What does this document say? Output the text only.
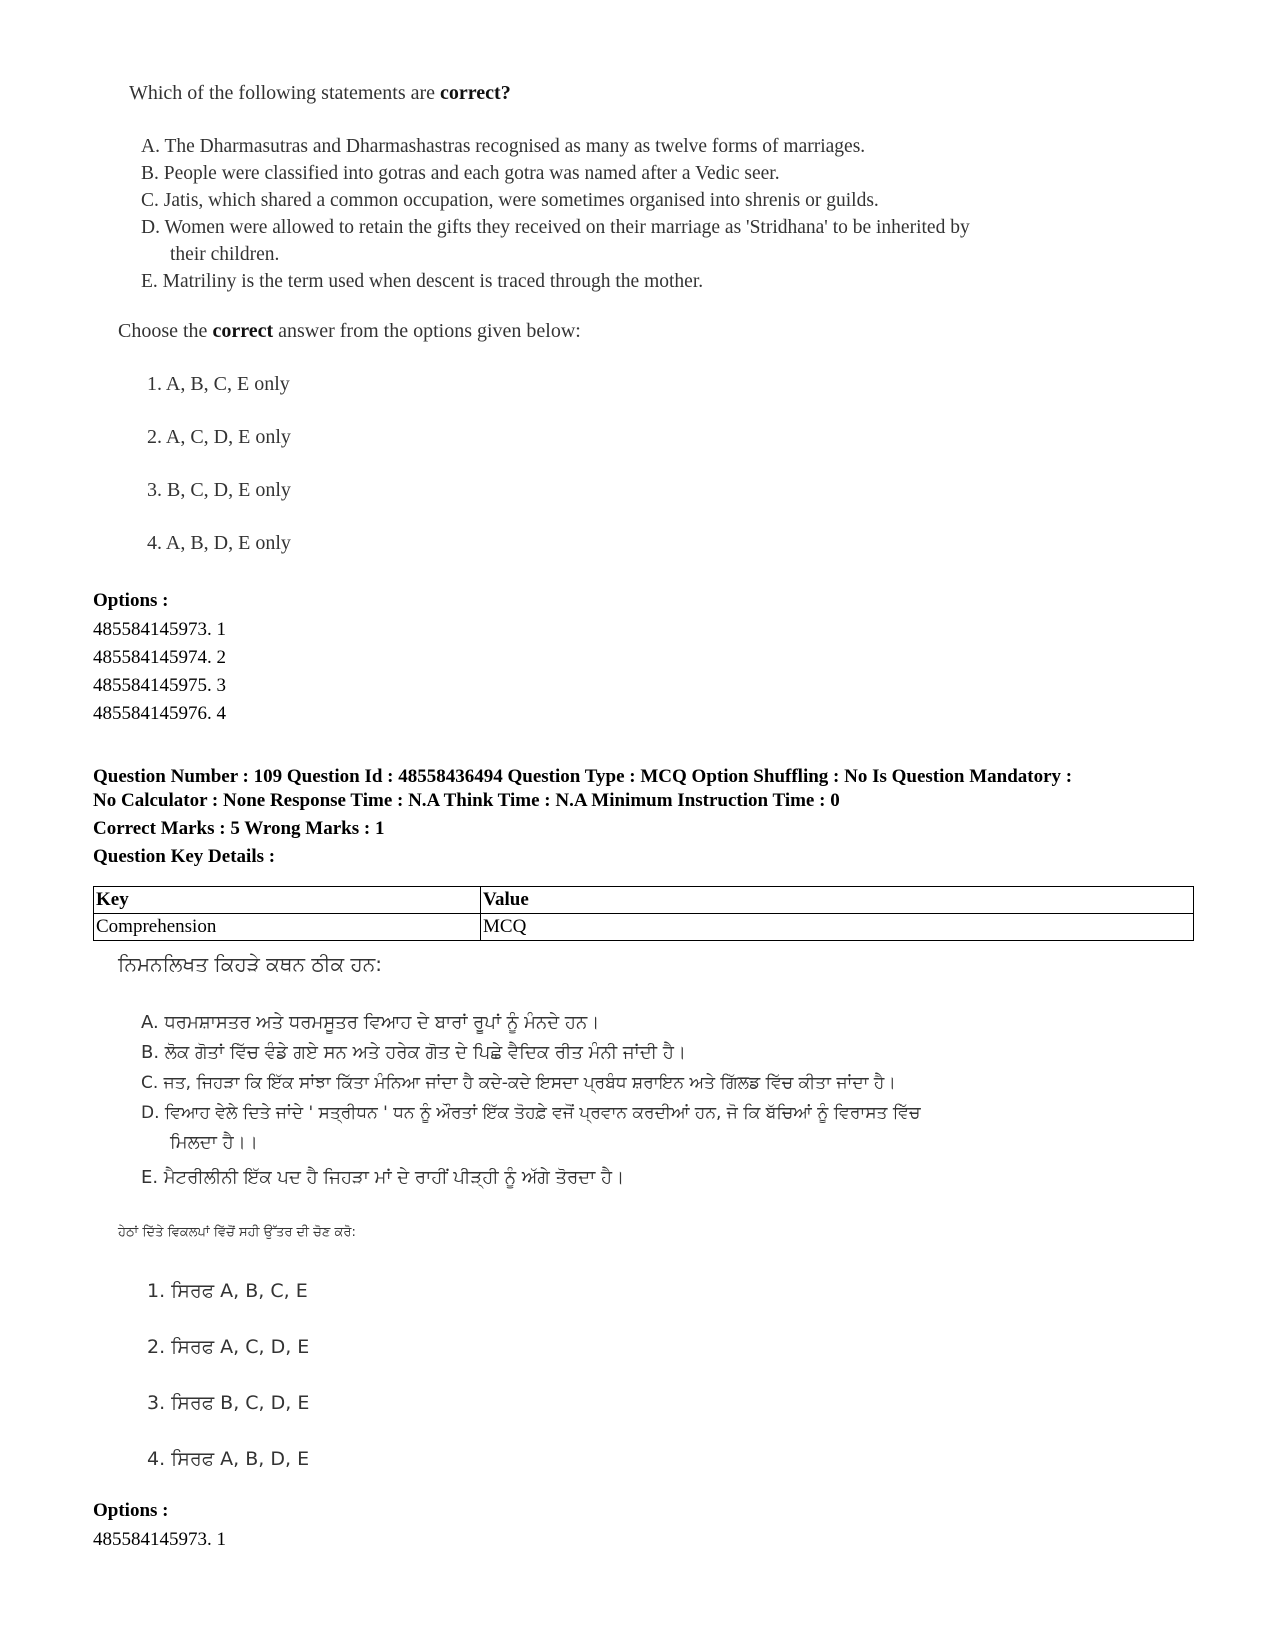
Which of the following statements are correct?
A. The Dharmasutras and Dharmashastras recognised as many as twelve forms of marriages.
B. People were classified into gotras and each gotra was named after a Vedic seer.
C. Jatis, which shared a common occupation, were sometimes organised into shrenis or guilds.
D. Women were allowed to retain the gifts they received on their marriage as 'Stridhana' to be inherited by
their children.
E. Matriliny is the term used when descent is traced through the mother.
Choose the correct answer from the options given below:
1. A, B, C, E only
2. A, C, D, E only
3. B, C, D, E only
4. A, B, D, E only
Options :
485584145973. 1
485584145974. 2
485584145975. 3
485584145976. 4
Question Number : 109 Question Id : 48558436494 Question Type : MCQ Option Shuffling : No Is Question Mandatory :
No Calculator : None Response Time : N.A Think Time : N.A Minimum Instruction Time : 0
Correct Marks : 5 Wrong Marks : 1
Question Key Details :
Key	Value
Comprehension	MCQ
ਨਿਮਨਲਿਖਤ ਕਿਹੜੇ ਕਥਨ ਠੀਕ ਹਨ:
A. ਧਰਮਸ਼ਾਸਤਰ ਅਤੇ ਧਰਮਸੂਤਰ ਵਿਆਹ ਦੇ ਬਾਰਾਂ ਰੂਪਾਂ ਨੂੰ ਮੰਨਦੇ ਹਨ।
B. ਲੋਕ ਗੋਤਾਂ ਵਿੱਚ ਵੰਡੇ ਗਏ ਸਨ ਅਤੇ ਹਰੇਕ ਗੋਤ ਦੇ ਪਿਛੇ ਵੈਦਿਕ ਰੀਤ ਮੰਨੀ ਜਾਂਦੀ ਹੈ।
C. ਜਤ, ਜਿਹੜਾ ਕਿ ਇੱਕ ਸਾਂਝਾ ਕਿੱਤਾ ਮੰਨਿਆ ਜਾਂਦਾ ਹੈ ਕਦੇ-ਕਦੇ ਇਸਦਾ ਪ੍ਰਬੰਧ ਸ਼ਰਾਇਨ ਅਤੇ ਗਿੱਲਡ ਵਿੱਚ ਕੀਤਾ ਜਾਂਦਾ ਹੈ।
D. ਵਿਆਹ ਵੇਲੇ ਦਿਤੇ ਜਾਂਦੇ ' ਸਤ੍ਰੀਧਨ ' ਧਨ ਨੂੰ ਔਰਤਾਂ ਇੱਕ ਤੋਹਫ਼ੇ ਵਜੋਂ ਪ੍ਰਵਾਨ ਕਰਦੀਆਂ ਹਨ, ਜੋ ਕਿ ਬੱਚਿਆਂ ਨੂੰ ਵਿਰਾਸਤ ਵਿੱਚ
ਮਿਲਦਾ ਹੈ।।
E. ਮੈਟਰੀਲੀਨੀ ਇੱਕ ਪਦ ਹੈ ਜਿਹੜਾ ਮਾਂ ਦੇ ਰਾਹੀਂ ਪੀੜ੍ਹੀ ਨੂੰ ਅੱਗੇ ਤੋਰਦਾ ਹੈ।
ਹੇਠਾਂ ਦਿੱਤੇ ਵਿਕਲਪਾਂ ਵਿੱਚੋਂ ਸਹੀ ਉੱਤਰ ਦੀ ਚੋਣ ਕਰੋ:
1. ਸਿਰਫ A, B, C, E
2. ਸਿਰਫ A, C, D, E
3. ਸਿਰਫ B, C, D, E
4. ਸਿਰਫ A, B, D, E
Options :
485584145973. 1
